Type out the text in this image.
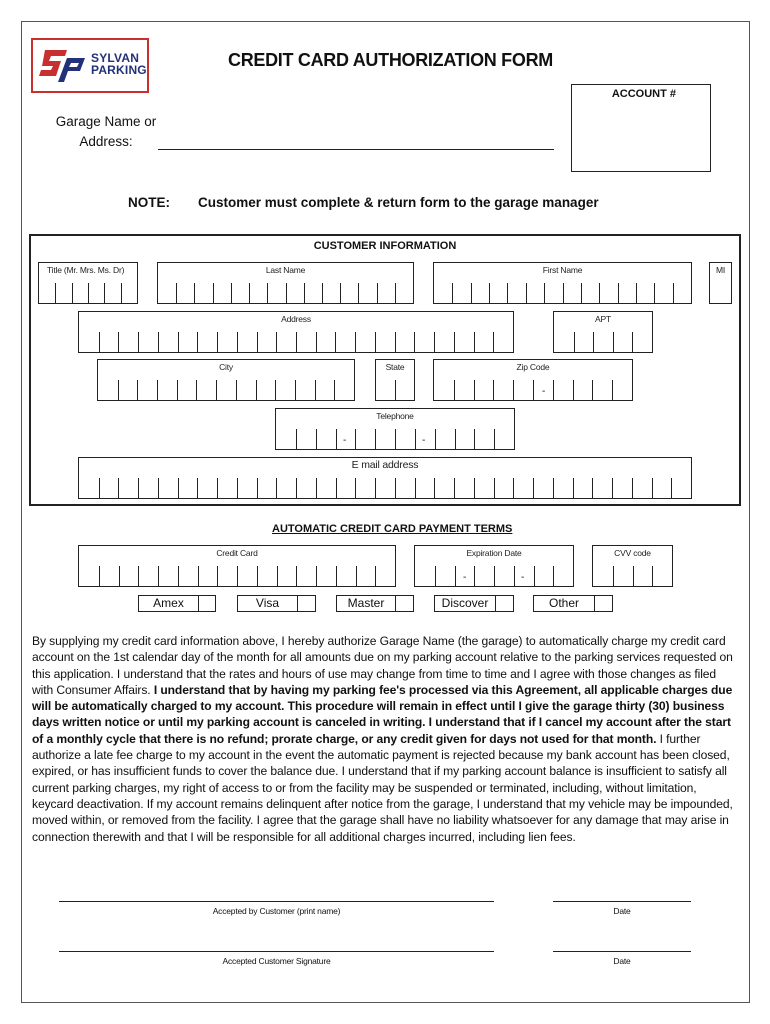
SYLVAN
PARKING	CREDIT CARD AUTHORIZATION FORM
ACCOUNT #
Garage Name or Address:
NOTE: Customer must complete & return form to the garage manager
CUSTOMER INFORMATION
Title (Mr. Mrs. Ms. Dr)	Last Name	First Name	MI
Address	APT
City	State	Zip Code
-
Telephone
-	-
E mail address
AUTOMATIC CREDIT CARD PAYMENT TERMS
Credit Card	Expiration Date
-	-
CVV code
Amex	Visa	Master	Discover	Other
By supplying my credit card information above, I hereby authorize Garage Name (the garage) to automatically charge my credit card account on the 1st calendar day of the month for all amounts due on my parking account relative to the parking services requested on this application. I understand that the rates and hours of use may change from time to time and I agree with those changes as filed with Consumer Affairs. I understand that by having my parking fee's processed via this Agreement, all applicable charges due will be automatically charged to my account. This procedure will remain in effect until I give the garage thirty (30) business days written notice or until my parking account is canceled in writing. I understand that if I cancel my account after the start of a monthly cycle that there is no refund; prorate charge, or any credit given for days not used for that month. I further authorize a late fee charge to my account in the event the automatic payment is rejected because my bank account has been closed, expired, or has insufficient funds to cover the balance due. I understand that if my parking account balance is insufficient to satisfy all current parking charges, my right of access to or from the facility may be suspended or terminated, including, without limitation, keycard deactivation. If my account remains delinquent after notice from the garage, I understand that my vehicle may be impounded, moved within, or removed from the facility. I agree that the garage shall have no liability whatsoever for any damage that may arise in connection therewith and that I will be responsible for all additional charges incurred, including lien fees.
Accepted by Customer (print name)	Date
Accepted Customer Signature	Date
